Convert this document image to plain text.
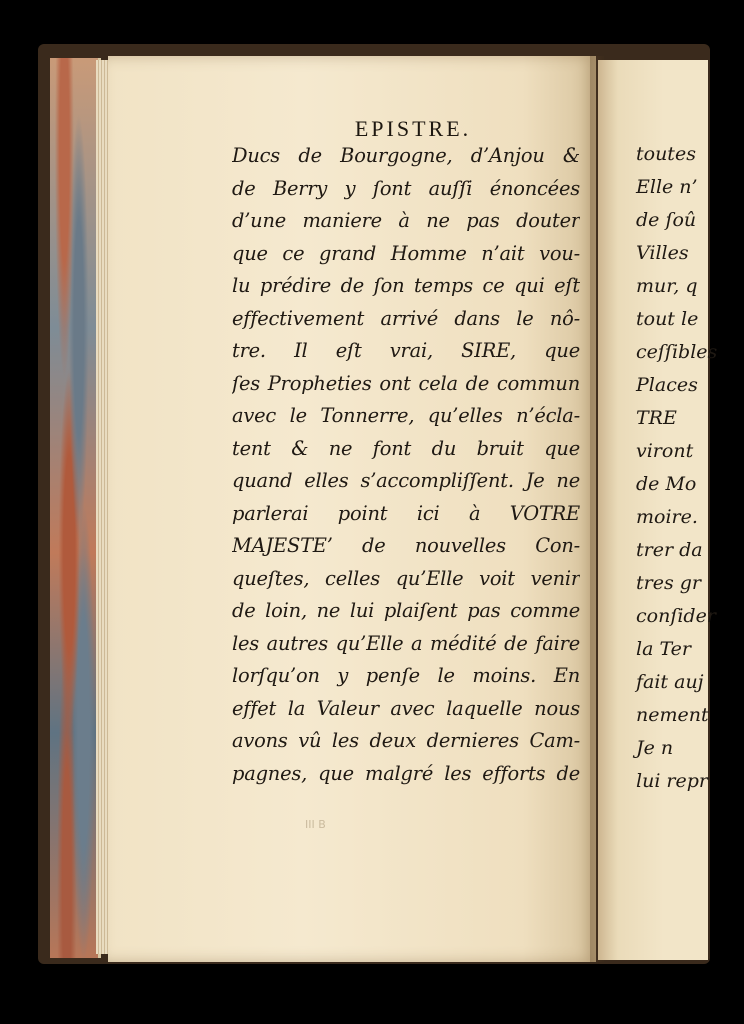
EPISTRE.
Ducs de Bourgogne, d’Anjou &
de Berry y ſont auſſi énoncées
d’une maniere à ne pas douter
que ce grand Homme n’ait vou-
lu prédire de ſon temps ce qui eſt
effectivement arrivé dans le nô-
tre. Il eſt vrai, SIRE, que
ſes Propheties ont cela de commun
avec le Tonnerre, qu’elles n’écla-
tent & ne font du bruit que
quand elles s’accompliſſent. Je ne
parlerai point ici à VOTRE
MAJESTE’ de nouvelles Con-
queſtes, celles qu’Elle voit venir
de loin, ne lui plaiſent pas comme
les autres qu’Elle a médité de faire
lorſqu’on y penſe le moins. En
effet la Valeur avec laquelle nous
avons vû les deux dernieres Cam-
pagnes, que malgré les efforts de
III B
toutes
Elle n’
de ſoû
Villes
mur, q
tout le
ceſſibles
Places
TRE
viront
de Mo
moire.
trer da
tres gr
conſider
la Ter
fait auj
nement
Je n
lui repr
